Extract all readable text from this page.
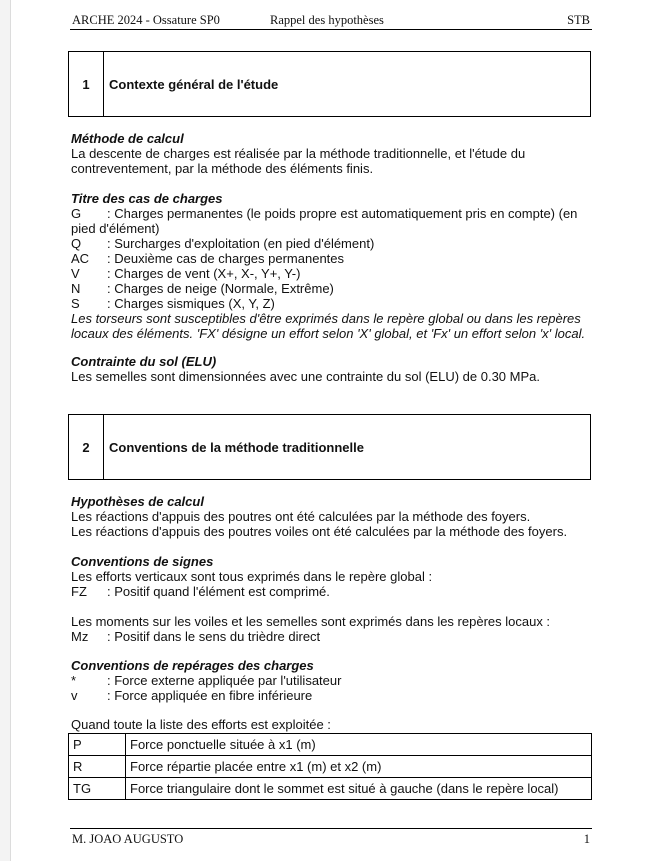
ARCHE 2024 - Ossature SP0	Rappel des hypothèses	STB
1	Contexte général de l'étude
Méthode de calcul
La descente de charges est réalisée par la méthode traditionnelle, et l'étude du contreventement, par la méthode des éléments finis.
Titre des cas de charges
G	: Charges permanentes (le poids propre est automatiquement pris en compte) (en
pied d'élément)
Q	: Surcharges d'exploitation (en pied d'élément)
AC	: Deuxième cas de charges permanentes
V	: Charges de vent (X+, X-, Y+, Y-)
N	: Charges de neige (Normale, Extrême)
S	: Charges sismiques (X, Y, Z)
Les torseurs sont susceptibles d'être exprimés dans le repère global ou dans les repères locaux des éléments. 'FX' désigne un effort selon 'X' global, et 'Fx' un effort selon 'x' local.
Contrainte du sol (ELU)
Les semelles sont dimensionnées avec une contrainte du sol (ELU) de 0.30 MPa.
2	Conventions de la méthode traditionnelle
Hypothèses de calcul
Les réactions d'appuis des poutres ont été calculées par la méthode des foyers.
Les réactions d'appuis des poutres voiles ont été calculées par la méthode des foyers.
Conventions de signes
Les efforts verticaux sont tous exprimés dans le repère global :
FZ	: Positif quand l'élément est comprimé.
Les moments sur les voiles et les semelles sont exprimés dans les repères locaux :
Mz	: Positif dans le sens du trièdre direct
Conventions de repérages des charges
*	: Force externe appliquée par l'utilisateur
v	: Force appliquée en fibre inférieure
Quand toute la liste des efforts est exploitée :
P	Force ponctuelle située à x1 (m)
R	Force répartie placée entre x1 (m) et x2 (m)
TG	Force triangulaire dont le sommet est situé à gauche (dans le repère local)
M. JOAO AUGUSTO	1
